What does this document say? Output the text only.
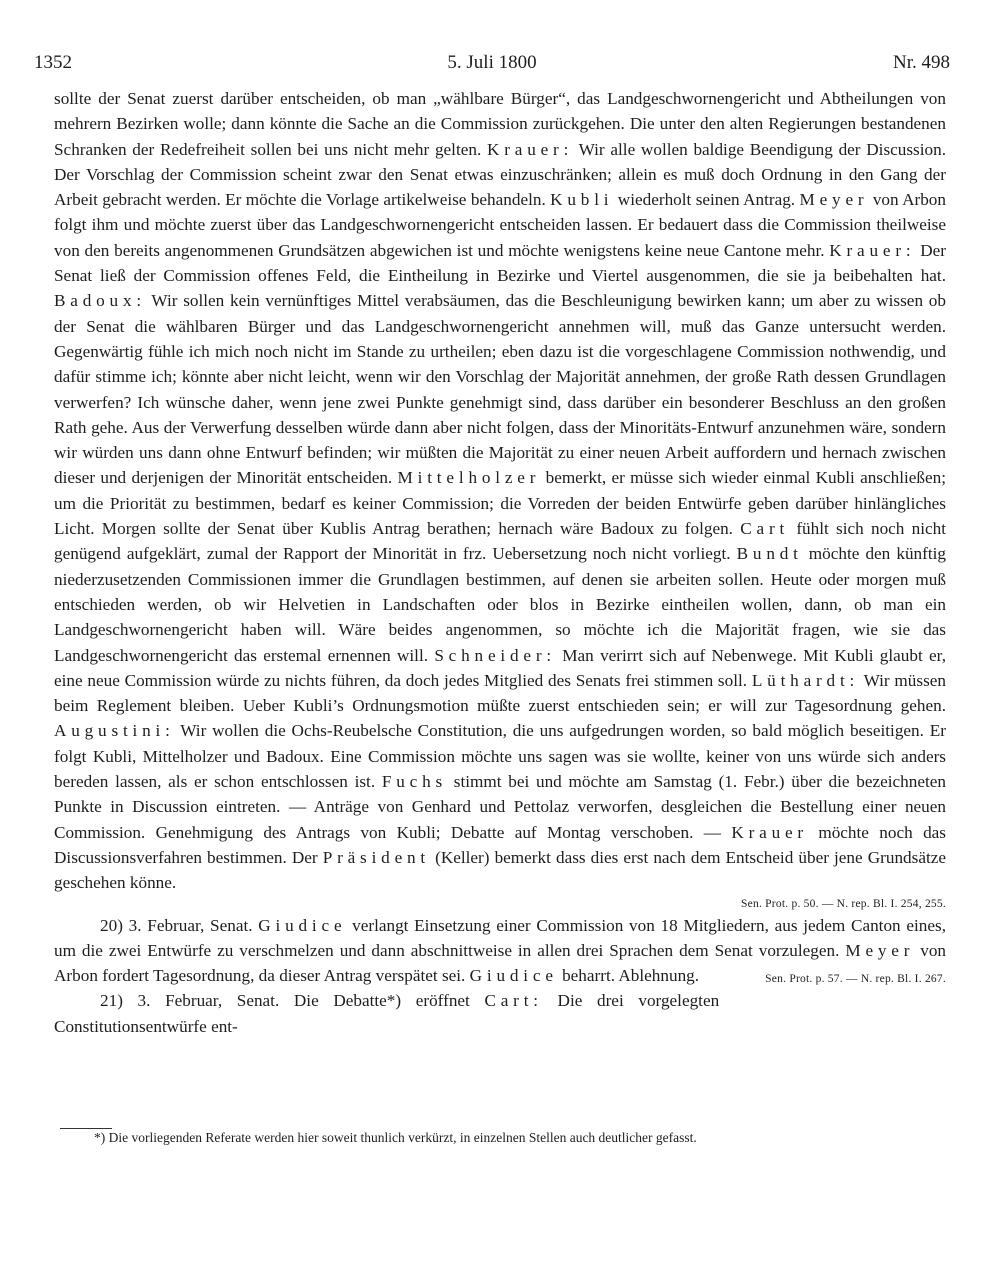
1352	5. Juli 1800	Nr. 498

sollte der Senat zuerst darüber entscheiden, ob man „wählbare Bürger“, das Landgeschwornengericht und Abtheilungen von mehrern Bezirken wolle; dann könnte die Sache an die Commission zurückgehen. Die unter den alten Regierungen bestandenen Schranken der Redefreiheit sollen bei uns nicht mehr gelten. Krauer: Wir alle wollen baldige Beendigung der Discussion. Der Vorschlag der Commission scheint zwar den Senat etwas einzuschränken; allein es muß doch Ordnung in den Gang der Arbeit gebracht werden. Er möchte die Vorlage artikelweise behandeln. Kubli wiederholt seinen Antrag. Meyer von Arbon folgt ihm und möchte zuerst über das Landgeschwornengericht entscheiden lassen. Er bedauert dass die Commission theilweise von den bereits angenommenen Grundsätzen abgewichen ist und möchte wenigstens keine neue Cantone mehr. Krauer: Der Senat ließ der Commission offenes Feld, die Eintheilung in Bezirke und Viertel ausgenommen, die sie ja beibehalten hat. Badoux: Wir sollen kein vernünftiges Mittel verabsäumen, das die Beschleunigung bewirken kann; um aber zu wissen ob der Senat die wählbaren Bürger und das Landgeschwornengericht annehmen will, muß das Ganze untersucht werden. Gegenwärtig fühle ich mich noch nicht im Stande zu urtheilen; eben dazu ist die vorgeschlagene Commission nothwendig, und dafür stimme ich; könnte aber nicht leicht, wenn wir den Vorschlag der Majorität annehmen, der große Rath dessen Grundlagen verwerfen? Ich wünsche daher, wenn jene zwei Punkte genehmigt sind, dass darüber ein besonderer Beschluss an den großen Rath gehe. Aus der Verwerfung desselben würde dann aber nicht folgen, dass der Minoritäts-Entwurf anzunehmen wäre, sondern wir würden uns dann ohne Entwurf befinden; wir müßten die Majorität zu einer neuen Arbeit auffordern und hernach zwischen dieser und derjenigen der Minorität entscheiden. Mittelholzer bemerkt, er müsse sich wieder einmal Kubli anschließen; um die Priorität zu bestimmen, bedarf es keiner Commission; die Vorreden der beiden Entwürfe geben darüber hinlängliches Licht. Morgen sollte der Senat über Kublis Antrag berathen; hernach wäre Badoux zu folgen. Cart fühlt sich noch nicht genügend aufgeklärt, zumal der Rapport der Minorität in frz. Uebersetzung noch nicht vorliegt. Bundt möchte den künftig niederzusetzenden Commissionen immer die Grundlagen bestimmen, auf denen sie arbeiten sollen. Heute oder morgen muß entschieden werden, ob wir Helvetien in Landschaften oder blos in Bezirke eintheilen wollen, dann, ob man ein Landgeschwornengericht haben will. Wäre beides angenommen, so möchte ich die Majorität fragen, wie sie das Landgeschwornengericht das erstemal ernennen will. Schneider: Man verirrt sich auf Nebenwege. Mit Kubli glaubt er, eine neue Commission würde zu nichts führen, da doch jedes Mitglied des Senats frei stimmen soll. Lüthardt: Wir müssen beim Reglement bleiben. Ueber Kubli’s Ordnungsmotion müßte zuerst entschieden sein; er will zur Tagesordnung gehen. Augustini: Wir wollen die Ochs-Reubelsche Constitution, die uns aufgedrungen worden, so bald möglich beseitigen. Er folgt Kubli, Mittelholzer und Badoux. Eine Commission möchte uns sagen was sie wollte, keiner von uns würde sich anders bereden lassen, als er schon entschlossen ist. Fuchs stimmt bei und möchte am Samstag (1. Febr.) über die bezeichneten Punkte in Discussion eintreten. — Anträge von Genhard und Pettolaz verworfen, desgleichen die Bestellung einer neuen Commission. Genehmigung des Antrags von Kubli; Debatte auf Montag verschoben. — Krauer möchte noch das Discussionsverfahren bestimmen. Der Präsident (Keller) bemerkt dass dies erst nach dem Entscheid über jene Grundsätze geschehen könne.

Sen. Prot. p. 50. — N. rep. Bl. I. 254, 255.

20) 3. Februar, Senat. Giudice verlangt Einsetzung einer Commission von 18 Mitgliedern, aus jedem Canton eines, um die zwei Entwürfe zu verschmelzen und dann abschnittweise in allen drei Sprachen dem Senat vorzulegen. Meyer von Arbon fordert Tagesordnung, da dieser Antrag verspätet sei. Giudice beharrt. Ablehnung.	Sen. Prot. p. 57. — N. rep. Bl. I. 267.

21) 3. Februar, Senat. Die Debatte*) eröffnet Cart: Die drei vorgelegten Constitutionsentwürfe ent-

*) Die vorliegenden Referate werden hier soweit thunlich verkürzt, in einzelnen Stellen auch deutlicher gefasst.
